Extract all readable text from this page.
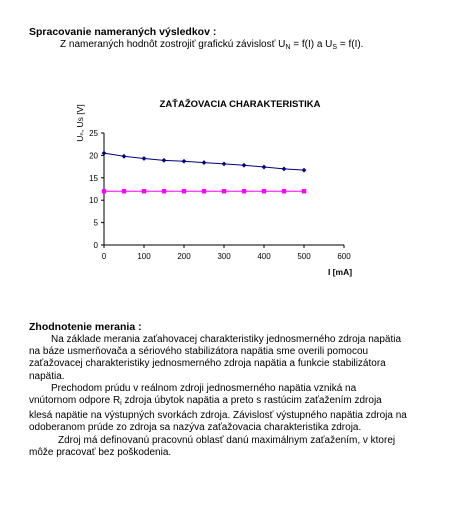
Spracovanie nameraných výsledkov :
Z nameraných hodnôt zostrojiť grafickú závislosť $U_N = f(I)$ a $U_S = f(I)$.
ZAŤAŽOVACIA CHARAKTERISTIKA
Uₙ, Us [V]
I [mA]
0
5
10
15
20
25
0	100	200	300	400	500	600
Zhodnotenie merania :
Na základe merania zaťahovacej charakteristiky jednosmerného zdroja napätia
na báze usmerňovača a sériového stabilizátora napätia sme overili pomocou
zaťažovacej charakteristiky jednosmerného zdroja napätia a funkcie stabilizátora
napätia.
Prechodom prúdu v reálnom zdroji jednosmerného napätia vzniká na
vnútornom odpore $R_i$ zdroja úbytok napätia a preto s rastúcim zaťažením zdroja
klesá napätie na výstupných svorkách zdroja. Závislosť výstupného napätia zdroja na
odoberanom prúde zo zdroja sa nazýva zaťažovacia charakteristika zdroja.
Zdroj má definovanú pracovnú oblasť danú maximálnym zaťažením, v ktorej
môže pracovať bez poškodenia.
